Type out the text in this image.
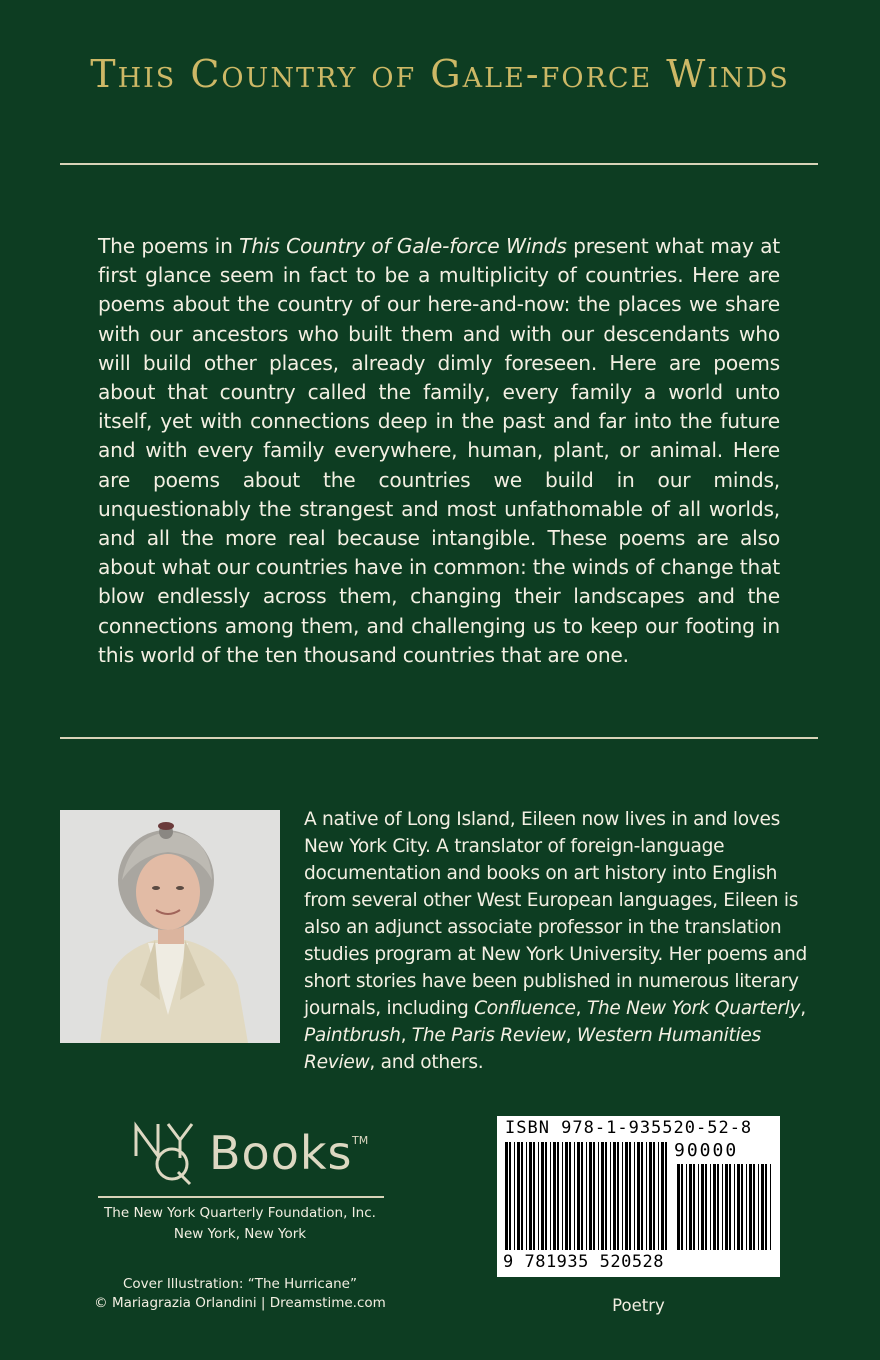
This Country of Gale-force Winds

The poems in This Country of Gale-force Winds present what may at first glance seem in fact to be a multiplicity of countries. Here are poems about the country of our here-and-now: the places we share with our ancestors who built them and with our descendants who will build other places, already dimly foreseen. Here are poems about that country called the family, every family a world unto itself, yet with connections deep in the past and far into the future and with every family everywhere, human, plant, or animal. Here are poems about the countries we build in our minds, unquestionably the strangest and most unfathomable of all worlds, and all the more real because intangible. These poems are also about what our countries have in common: the winds of change that blow endlessly across them, changing their landscapes and the connections among them, and challenging us to keep our footing in this world of the ten thousand countries that are one.

A native of Long Island, Eileen now lives in and loves New York City. A translator of foreign-language documentation and books on art history into English from several other West European languages, Eileen is also an adjunct associate professor in the translation studies program at New York University. Her poems and short stories have been published in numerous literary journals, including Confluence, The New York Quarterly, Paintbrush, The Paris Review, Western Humanities Review, and others.

Books TM
The New York Quarterly Foundation, Inc.
New York, New York
Cover Illustration: “The Hurricane”
© Mariagrazia Orlandini | Dreamstime.com
ISBN 978-1-935520-52-8
90000
9 781935 520528
Poetry
